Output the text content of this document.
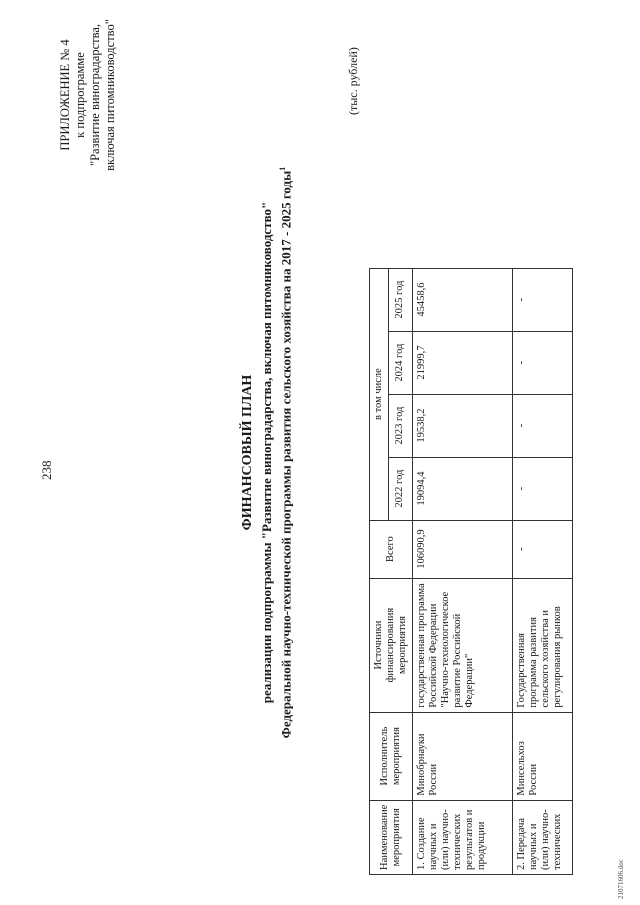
238
ПРИЛОЖЕНИЕ № 4 к подпрограмме "Развитие виноградарства, включая питомниководство"
ФИНАНСОВЫЙ ПЛАН реализации подпрограммы "Развитие виноградарства, включая питомниководство" Федеральной научно-технической программы развития сельского хозяйства на 2017 - 2025 годы$^1$
(тыс. рублей)
Наименование мероприятия	Исполнитель мероприятия	Источники финансирования мероприятия	Всего	в том числе			
				2022 год	2023 год	2024 год	2025 год
1. Создание научных и (или) научно-технических результатов и продукции	Минобрнауки России	государственная программа Российской Федерации "Научно-технологическое развитие Российской Федерации"	106090,9	19094,4	19538,2	21999,7	45458,6
2. Передача научных и (или) научно-технических	Минсельхоз России	Государственная программа развития сельского хозяйства и регулирования рынков	-	-	-	-	-
21071606.doc
